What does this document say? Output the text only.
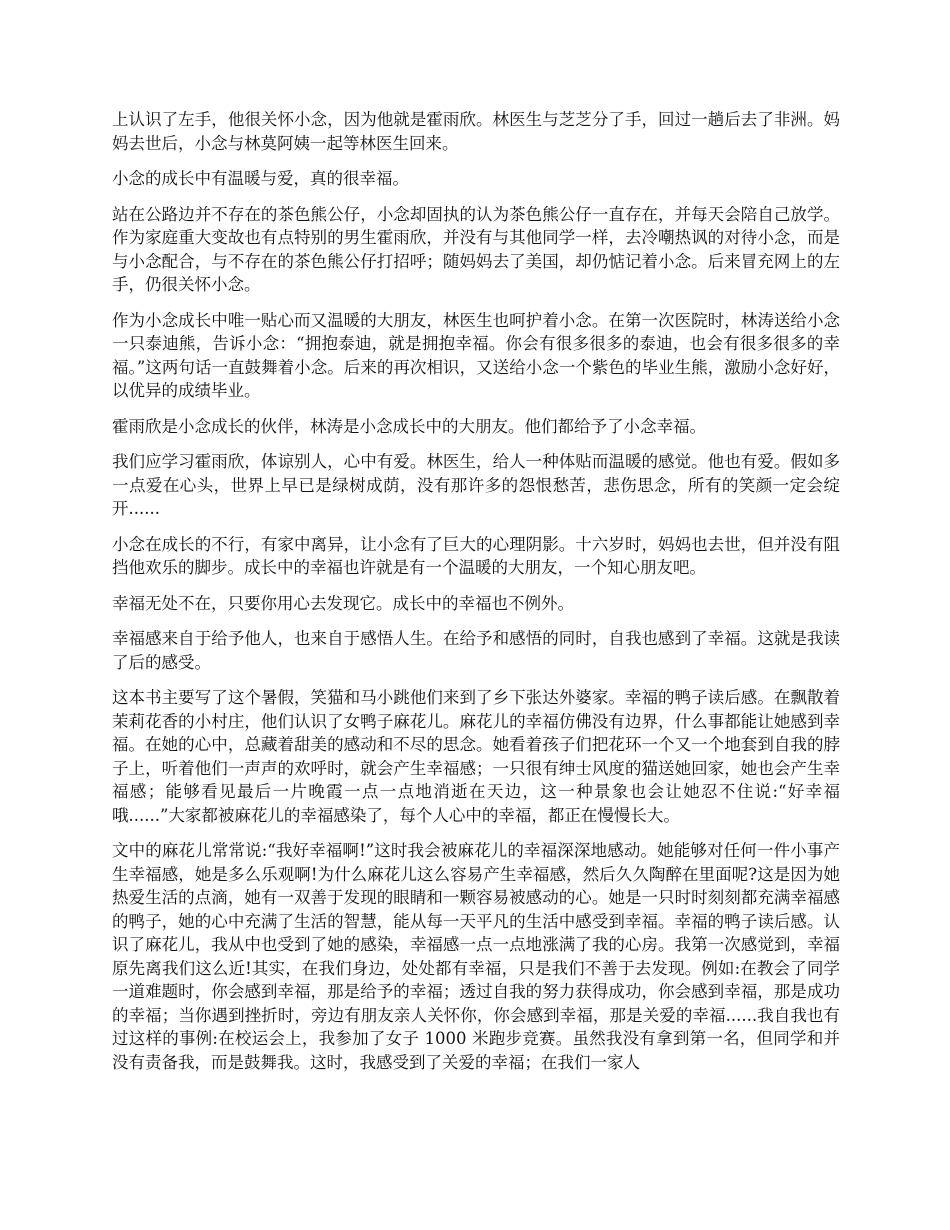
上认识了左手，他很关怀小念，因为他就是霍雨欣。林医生与芝芝分了手，回过一趟后去了非洲。妈妈去世后，小念与林莫阿姨一起等林医生回来。

小念的成长中有温暖与爱，真的很幸福。

站在公路边并不存在的茶色熊公仔，小念却固执的认为茶色熊公仔一直存在，并每天会陪自己放学。作为家庭重大变故也有点特别的男生霍雨欣，并没有与其他同学一样，去冷嘲热讽的对待小念，而是与小念配合，与不存在的茶色熊公仔打招呼；随妈妈去了美国，却仍惦记着小念。后来冒充网上的左手，仍很关怀小念。

作为小念成长中唯一贴心而又温暖的大朋友，林医生也呵护着小念。在第一次医院时，林涛送给小念一只泰迪熊，告诉小念：“拥抱泰迪，就是拥抱幸福。你会有很多很多的泰迪，也会有很多很多的幸福。”这两句话一直鼓舞着小念。后来的再次相识，又送给小念一个紫色的毕业生熊，激励小念好好，以优异的成绩毕业。

霍雨欣是小念成长的伙伴，林涛是小念成长中的大朋友。他们都给予了小念幸福。

我们应学习霍雨欣，体谅别人，心中有爱。林医生，给人一种体贴而温暖的感觉。他也有爱。假如多一点爱在心头，世界上早已是绿树成荫，没有那许多的怨恨愁苦，悲伤思念，所有的笑颜一定会绽开......

小念在成长的不行，有家中离异，让小念有了巨大的心理阴影。十六岁时，妈妈也去世，但并没有阻挡他欢乐的脚步。成长中的幸福也许就是有一个温暖的大朋友，一个知心朋友吧。

幸福无处不在，只要你用心去发现它。成长中的幸福也不例外。

幸福感来自于给予他人，也来自于感悟人生。在给予和感悟的同时，自我也感到了幸福。这就是我读了后的感受。

这本书主要写了这个暑假，笑猫和马小跳他们来到了乡下张达外婆家。幸福的鸭子读后感。在飘散着茉莉花香的小村庄，他们认识了女鸭子麻花儿。麻花儿的幸福仿佛没有边界，什么事都能让她感到幸福。在她的心中，总藏着甜美的感动和不尽的思念。她看着孩子们把花环一个又一个地套到自我的脖子上，听着他们一声声的欢呼时，就会产生幸福感；一只很有绅士风度的猫送她回家，她也会产生幸福感；能够看见最后一片晚霞一点一点地消逝在天边，这一种景象也会让她忍不住说:“好幸福哦......”大家都被麻花儿的幸福感染了，每个人心中的幸福，都正在慢慢长大。

文中的麻花儿常常说:“我好幸福啊!”这时我会被麻花儿的幸福深深地感动。她能够对任何一件小事产生幸福感，她是多么乐观啊!为什么麻花儿这么容易产生幸福感，然后久久陶醉在里面呢?这是因为她热爱生活的点滴，她有一双善于发现的眼睛和一颗容易被感动的心。她是一只时时刻刻都充满幸福感的鸭子，她的心中充满了生活的智慧，能从每一天平凡的生活中感受到幸福。幸福的鸭子读后感。认识了麻花儿，我从中也受到了她的感染，幸福感一点一点地涨满了我的心房。我第一次感觉到，幸福原先离我们这么近!其实，在我们身边，处处都有幸福，只是我们不善于去发现。例如:在教会了同学一道难题时，你会感到幸福，那是给予的幸福；透过自我的努力获得成功，你会感到幸福，那是成功的幸福；当你遇到挫折时，旁边有朋友亲人关怀你，你会感到幸福，那是关爱的幸福......我自我也有过这样的事例:在校运会上，我参加了女子 1000 米跑步竞赛。虽然我没有拿到第一名，但同学和并没有责备我，而是鼓舞我。这时，我感受到了关爱的幸福；在我们一家人
